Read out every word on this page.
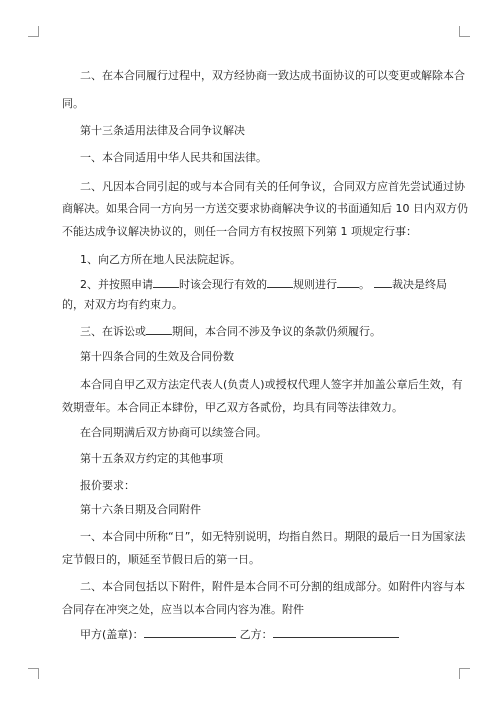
二、在本合同履行过程中，双方经协商一致达成书面协议的可以变更或解除本合
同。
第十三条适用法律及合同争议解决
一、本合同适用中华人民共和国法律。
二、凡因本合同引起的或与本合同有关的任何争议，合同双方应首先尝试通过协
商解决。如果合同一方向另一方送交要求协商解决争议的书面通知后 10 日内双方仍
不能达成争议解决协议的，则任一合同方有权按照下列第 1 项规定行事：
1、向乙方所在地人民法院起诉。
2、并按照申请 时该会现行有效的 规则进行 。 裁决是终局
的，对双方均有约束力。
三、在诉讼或 期间，本合同不涉及争议的条款仍须履行。
第十四条合同的生效及合同份数
本合同自甲乙双方法定代表人(负责人)或授权代理人签字并加盖公章后生效，有
效期壹年。本合同正本肆份，甲乙双方各贰份，均具有同等法律效力。
在合同期满后双方协商可以续签合同。
第十五条双方约定的其他事项
报价要求：
第十六条日期及合同附件
一、本合同中所称“日”，如无特别说明，均指自然日。期限的最后一日为国家法
定节假日的，顺延至节假日后的第一日。
二、本合同包括以下附件，附件是本合同不可分割的组成部分。如附件内容与本
合同存在冲突之处，应当以本合同内容为准。附件
甲方(盖章)：	乙方：
